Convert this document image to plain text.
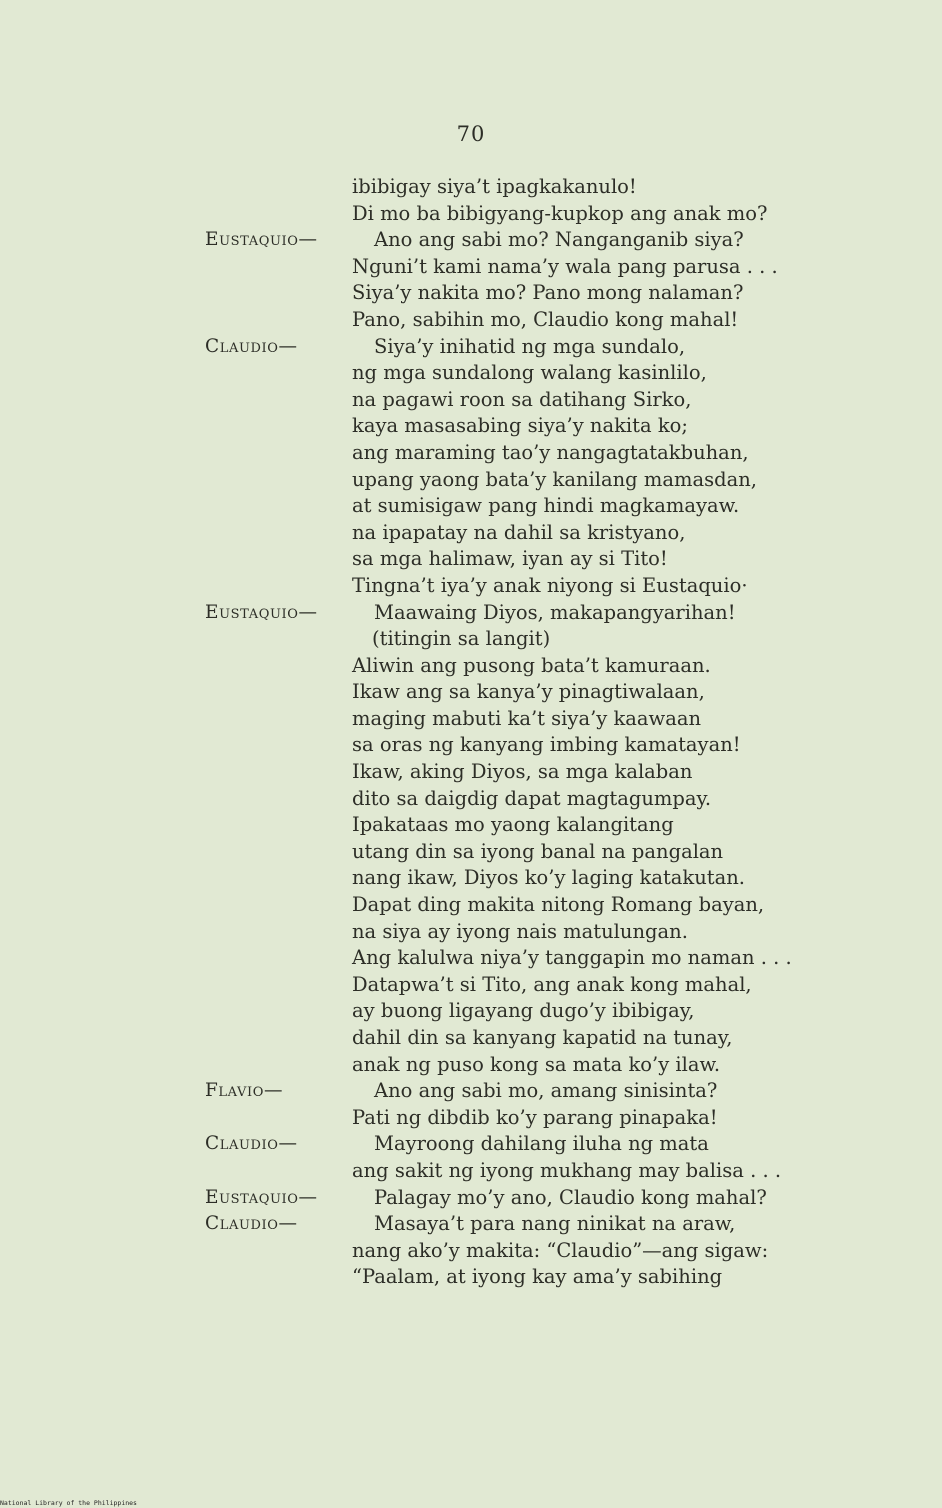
70
ibibigay siya’t ipagkakanulo!
Di mo ba bibigyang-kupkop ang anak mo?
Eustaquio—	Ano ang sabi mo? Nanganganib siya?
Nguni’t kami nama’y wala pang parusa . . .
Siya’y nakita mo? Pano mong nalaman?
Pano, sabihin mo, Claudio kong mahal!
Claudio—	Siya’y inihatid ng mga sundalo,
ng mga sundalong walang kasinlilo,
na pagawi roon sa datihang Sirko,
kaya masasabing siya’y nakita ko;
ang maraming tao’y nangagtatakbuhan,
upang yaong bata’y kanilang mamasdan,
at sumisigaw pang hindi magkamayaw.
na ipapatay na dahil sa kristyano,
sa mga halimaw, iyan ay si Tito!
Tingna’t iya’y anak niyong si Eustaquio·
Eustaquio—	Maawaing Diyos, makapangyarihan!
(titingin sa langit)
Aliwin ang pusong bata’t kamuraan.
Ikaw ang sa kanya’y pinagtiwalaan,
maging mabuti ka’t siya’y kaawaan
sa oras ng kanyang imbing kamatayan!
Ikaw, aking Diyos, sa mga kalaban
dito sa daigdig dapat magtagumpay.
Ipakataas mo yaong kalangitang
utang din sa iyong banal na pangalan
nang ikaw, Diyos ko’y laging katakutan.
Dapat ding makita nitong Romang bayan,
na siya ay iyong nais matulungan.
Ang kalulwa niya’y tanggapin mo naman . . .
Datapwa’t si Tito, ang anak kong mahal,
ay buong ligayang dugo’y ibibigay,
dahil din sa kanyang kapatid na tunay,
anak ng puso kong sa mata ko’y ilaw.
Flavio—	Ano ang sabi mo, amang sinisinta?
Pati ng dibdib ko’y parang pinapaka!
Claudio—	Mayroong dahilang iluha ng mata
ang sakit ng iyong mukhang may balisa . . .
Eustaquio—	Palagay mo’y ano, Claudio kong mahal?
Claudio—	Masaya’t para nang ninikat na araw,
nang ako’y makita: “Claudio”—ang sigaw:
“Paalam, at iyong kay ama’y sabihing
National Library of the Philippines
